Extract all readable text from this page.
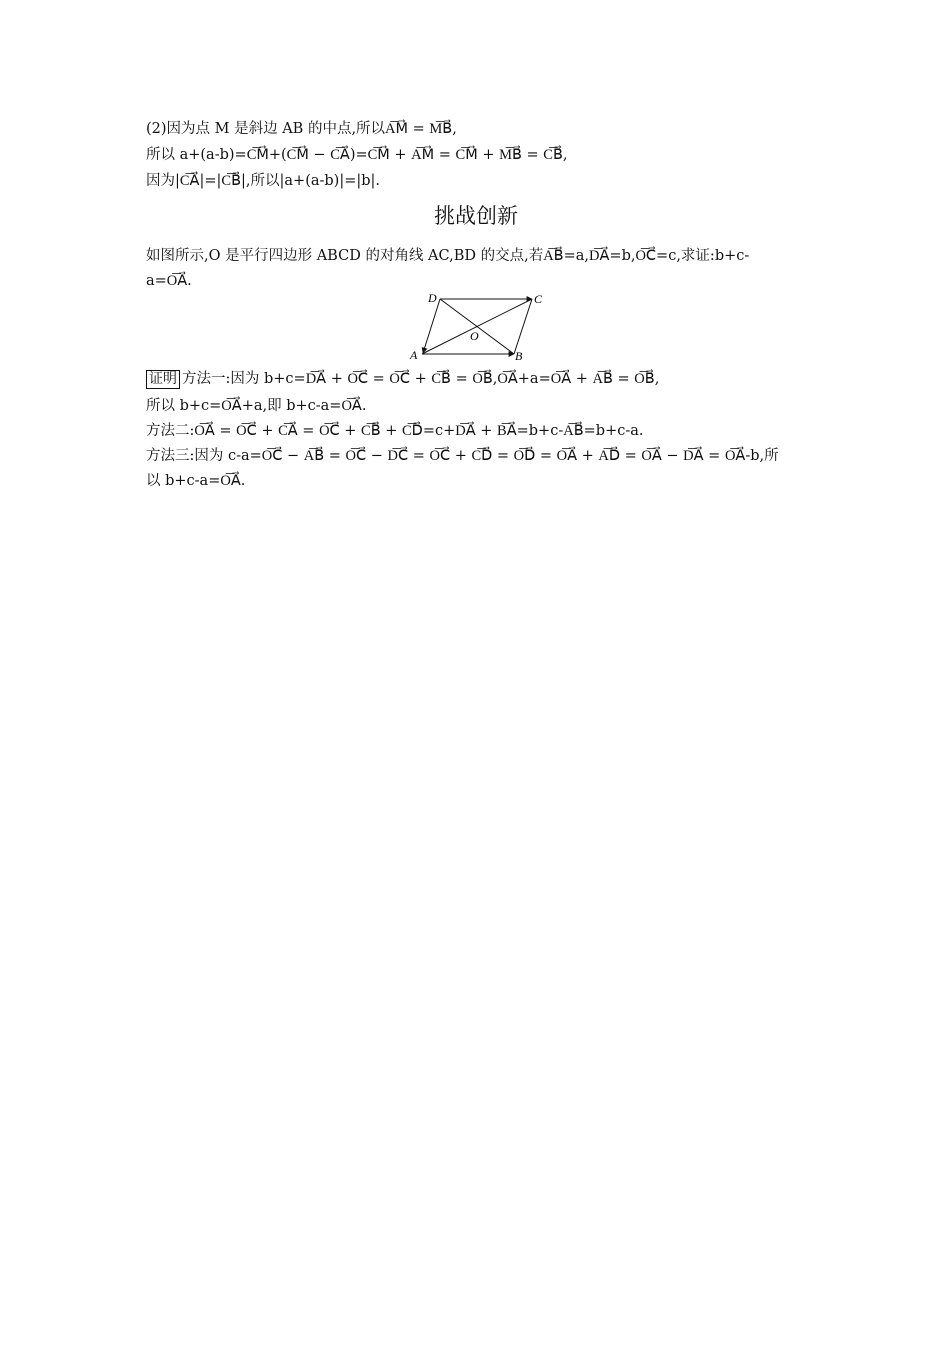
(2)因为点 M 是斜边 AB 的中点,所以A͞M⃗ = M͞B⃗,
所以 a+(a-b)=C͞M⃗+(C͞M⃗ − C͞A⃗)=C͞M⃗ + A͞M⃗ = C͞M⃗ + M͞B⃗ = C͞B⃗,
因为|C͞A⃗|=|C͞B⃗|,所以|a+(a-b)|=|b|.
挑战创新
如图所示,O 是平行四边形 ABCD 的对角线 AC,BD 的交点,若A͞B⃗=a,D͞A⃗=b,O͞C⃗=c,求证:b+c-
a=O͞A⃗.
A	B
C
D
O
证明 方法一:因为 b+c=D͞A⃗ + O͞C⃗ = O͞C⃗ + C͞B⃗ = O͞B⃗,O͞A⃗+a=O͞A⃗ + A͞B⃗ = O͞B⃗,
所以 b+c=O͞A⃗+a,即 b+c-a=O͞A⃗.
方法二:O͞A⃗ = O͞C⃗ + C͞A⃗ = O͞C⃗ + C͞B⃗ + C͞D⃗=c+D͞A⃗ + B͞A⃗=b+c-A͞B⃗=b+c-a.
方法三:因为 c-a=O͞C⃗ − A͞B⃗ = O͞C⃗ − D͞C⃗ = O͞C⃗ + C͞D⃗ = O͞D⃗ = O͞A⃗ + A͞D⃗ = O͞A⃗ − D͞A⃗ = O͞A⃗-b,所
以 b+c-a=O͞A⃗.
